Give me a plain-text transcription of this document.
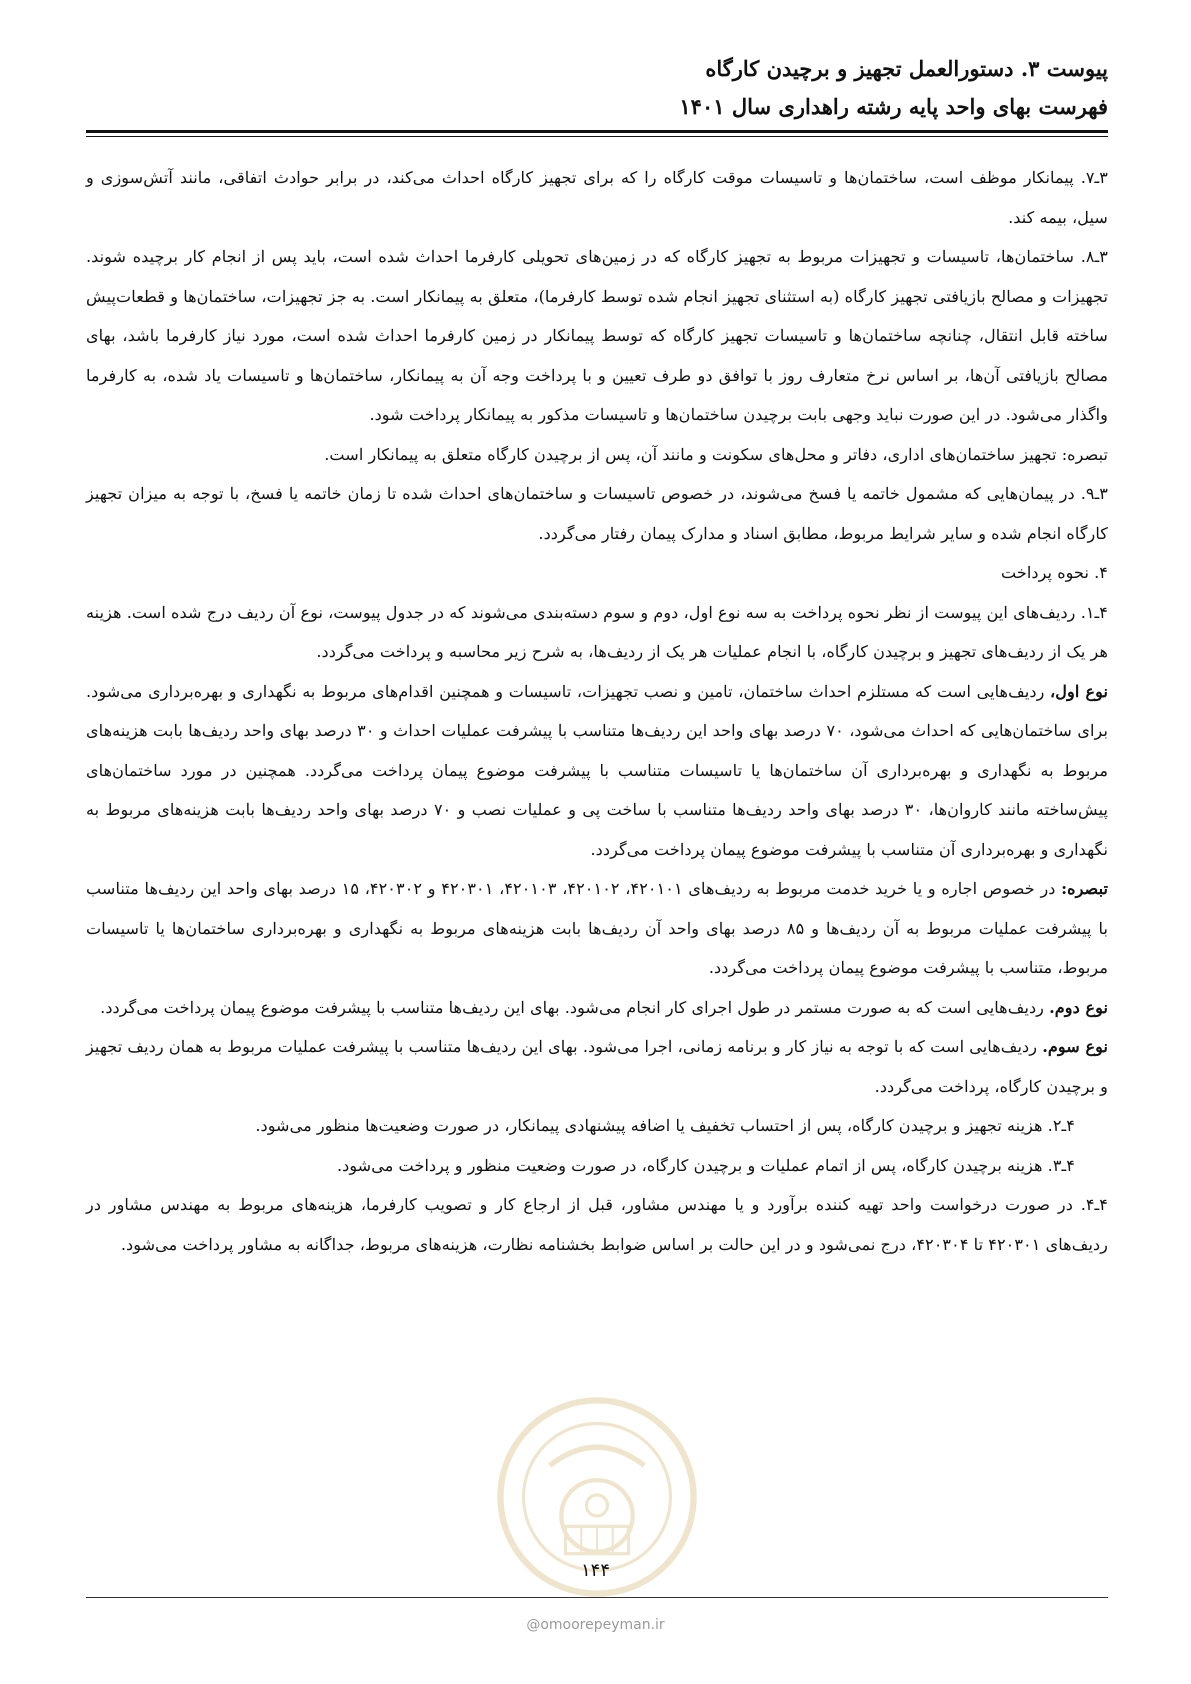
پیوست ۳. دستورالعمل تجهیز و برچیدن کارگاه

فهرست بهای واحد پایه رشته راهداری سال ۱۴۰۱

۳ـ۷. پیمانکار موظف است، ساختمان‌ها و تاسیسات موقت کارگاه را که برای تجهیز کارگاه احداث می‌کند، در برابر حوادث اتفاقی، مانند آتش‌سوزی و سیل، بیمه کند.

۳ـ۸. ساختمان‌ها، تاسیسات و تجهیزات مربوط به تجهیز کارگاه که در زمین‌های تحویلی کارفرما احداث شده است، باید پس از انجام کار برچیده شوند. تجهیزات و مصالح بازیافتی تجهیز کارگاه (به استثنای تجهیز انجام شده توسط کارفرما)، متعلق به پیمانکار است. به جز تجهیزات، ساختمان‌ها و قطعات‌پیش ساخته قابل انتقال، چنانچه ساختمان‌ها و تاسیسات تجهیز کارگاه که توسط پیمانکار در زمین کارفرما احداث شده است، مورد نیاز کارفرما باشد، بهای مصالح بازیافتی آن‌ها، بر اساس نرخ متعارف روز با توافق دو طرف تعیین و با پرداخت وجه آن به پیمانکار، ساختمان‌ها و تاسیسات یاد شده، به کارفرما واگذار می‌شود. در این صورت نباید وجهی بابت برچیدن ساختمان‌ها و تاسیسات مذکور به پیمانکار پرداخت شود.

تبصره: تجهیز ساختمان‌های اداری، دفاتر و محل‌های سکونت و مانند آن، پس از برچیدن کارگاه متعلق به پیمانکار است.

۳ـ۹. در پیمان‌هایی که مشمول خاتمه یا فسخ می‌شوند، در خصوص تاسیسات و ساختمان‌های احداث شده تا زمان خاتمه یا فسخ، با توجه به میزان تجهیز کارگاه انجام شده و سایر شرایط مربوط، مطابق اسناد و مدارک پیمان رفتار می‌گردد.

۴. نحوه پرداخت

۴ـ۱. ردیف‌های این پیوست از نظر نحوه پرداخت به سه نوع اول، دوم و سوم دسته‌بندی می‌شوند که در جدول پیوست، نوع آن ردیف درج شده است. هزینه هر یک از ردیف‌های تجهیز و برچیدن کارگاه، با انجام عملیات هر یک از ردیف‌ها، به شرح زیر محاسبه و پرداخت می‌گردد.

نوع اول، ردیف‌هایی است که مستلزم احداث ساختمان، تامین و نصب تجهیزات، تاسیسات و همچنین اقدام‌های مربوط به نگهداری و بهره‌برداری می‌شود. برای ساختمان‌هایی که احداث می‌شود، ۷۰ درصد بهای واحد این ردیف‌ها متناسب با پیشرفت عملیات احداث و ۳۰ درصد بهای واحد ردیف‌ها بابت هزینه‌های مربوط به نگهداری و بهره‌برداری آن ساختمان‌ها یا تاسیسات متناسب با پیشرفت موضوع پیمان پرداخت می‌گردد. همچنین در مورد ساختمان‌های پیش‌ساخته مانند کاروان‌ها، ۳۰ درصد بهای واحد ردیف‌ها متناسب با ساخت پی و عملیات نصب و ۷۰ درصد بهای واحد ردیف‌ها بابت هزینه‌های مربوط به نگهداری و بهره‌برداری آن متناسب با پیشرفت موضوع پیمان پرداخت می‌گردد.

تبصره: در خصوص اجاره و یا خرید خدمت مربوط به ردیف‌های ۴۲۰۱۰۱، ۴۲۰۱۰۲، ۴۲۰۱۰۳، ۴۲۰۳۰۱ و ۴۲۰۳۰۲، ۱۵ درصد بهای واحد این ردیف‌ها متناسب با پیشرفت عملیات مربوط به آن ردیف‌ها و ۸۵ درصد بهای واحد آن ردیف‌ها بابت هزینه‌های مربوط به نگهداری و بهره‌برداری ساختمان‌ها یا تاسیسات مربوط، متناسب با پیشرفت موضوع پیمان پرداخت می‌گردد.

نوع دوم. ردیف‌هایی است که به صورت مستمر در طول اجرای کار انجام می‌شود. بهای این ردیف‌ها متناسب با پیشرفت موضوع پیمان پرداخت می‌گردد.

نوع سوم. ردیف‌هایی است که با توجه به نیاز کار و برنامه زمانی، اجرا می‌شود. بهای این ردیف‌ها متناسب با پیشرفت عملیات مربوط به همان ردیف تجهیز و برچیدن کارگاه، پرداخت می‌گردد.

۴ـ۲. هزینه تجهیز و برچیدن کارگاه، پس از احتساب تخفیف یا اضافه پیشنهادی پیمانکار، در صورت وضعیت‌ها منظور می‌شود.

۴ـ۳. هزینه برچیدن کارگاه، پس از اتمام عملیات و برچیدن کارگاه، در صورت وضعیت منظور و پرداخت می‌شود.

۴ـ۴. در صورت درخواست واحد تهیه کننده برآورد و یا مهندس مشاور، قبل از ارجاع کار و تصویب کارفرما، هزینه‌های مربوط به مهندس مشاور در ردیف‌های ۴۲۰۳۰۱ تا ۴۲۰۳۰۴، درج نمی‌شود و در این حالت بر اساس ضوابط بخشنامه نظارت، هزینه‌های مربوط، جداگانه به مشاور پرداخت می‌شود.

۱۴۴
@omoorepeyman.ir
